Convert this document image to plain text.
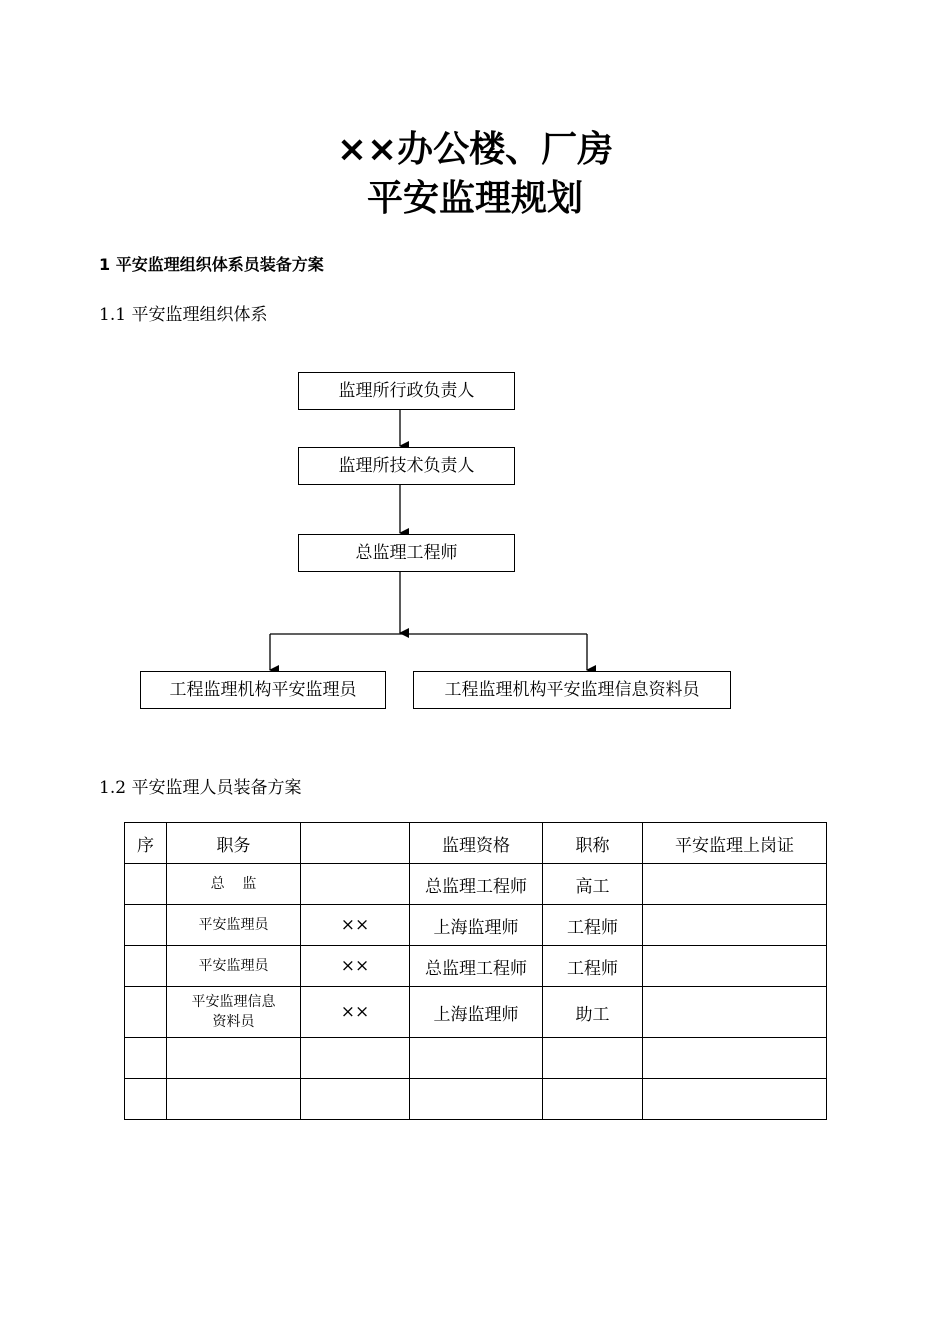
××办公楼、厂房
平安监理规划
1 平安监理组织体系员装备方案
1.1 平安监理组织体系
监理所行政负责人
监理所技术负责人
总监理工程师
工程监理机构平安监理员	工程监理机构平安监理信息资料员
1.2 平安监理人员装备方案
序	职务		监理资格	职称	平安监理上岗证
	总    监		总监理工程师	高工	
	平安监理员	××	上海监理师	工程师	
	平安监理员	××	总监理工程师	工程师	
	平安监理信息资料员	××	上海监理师	助工	
